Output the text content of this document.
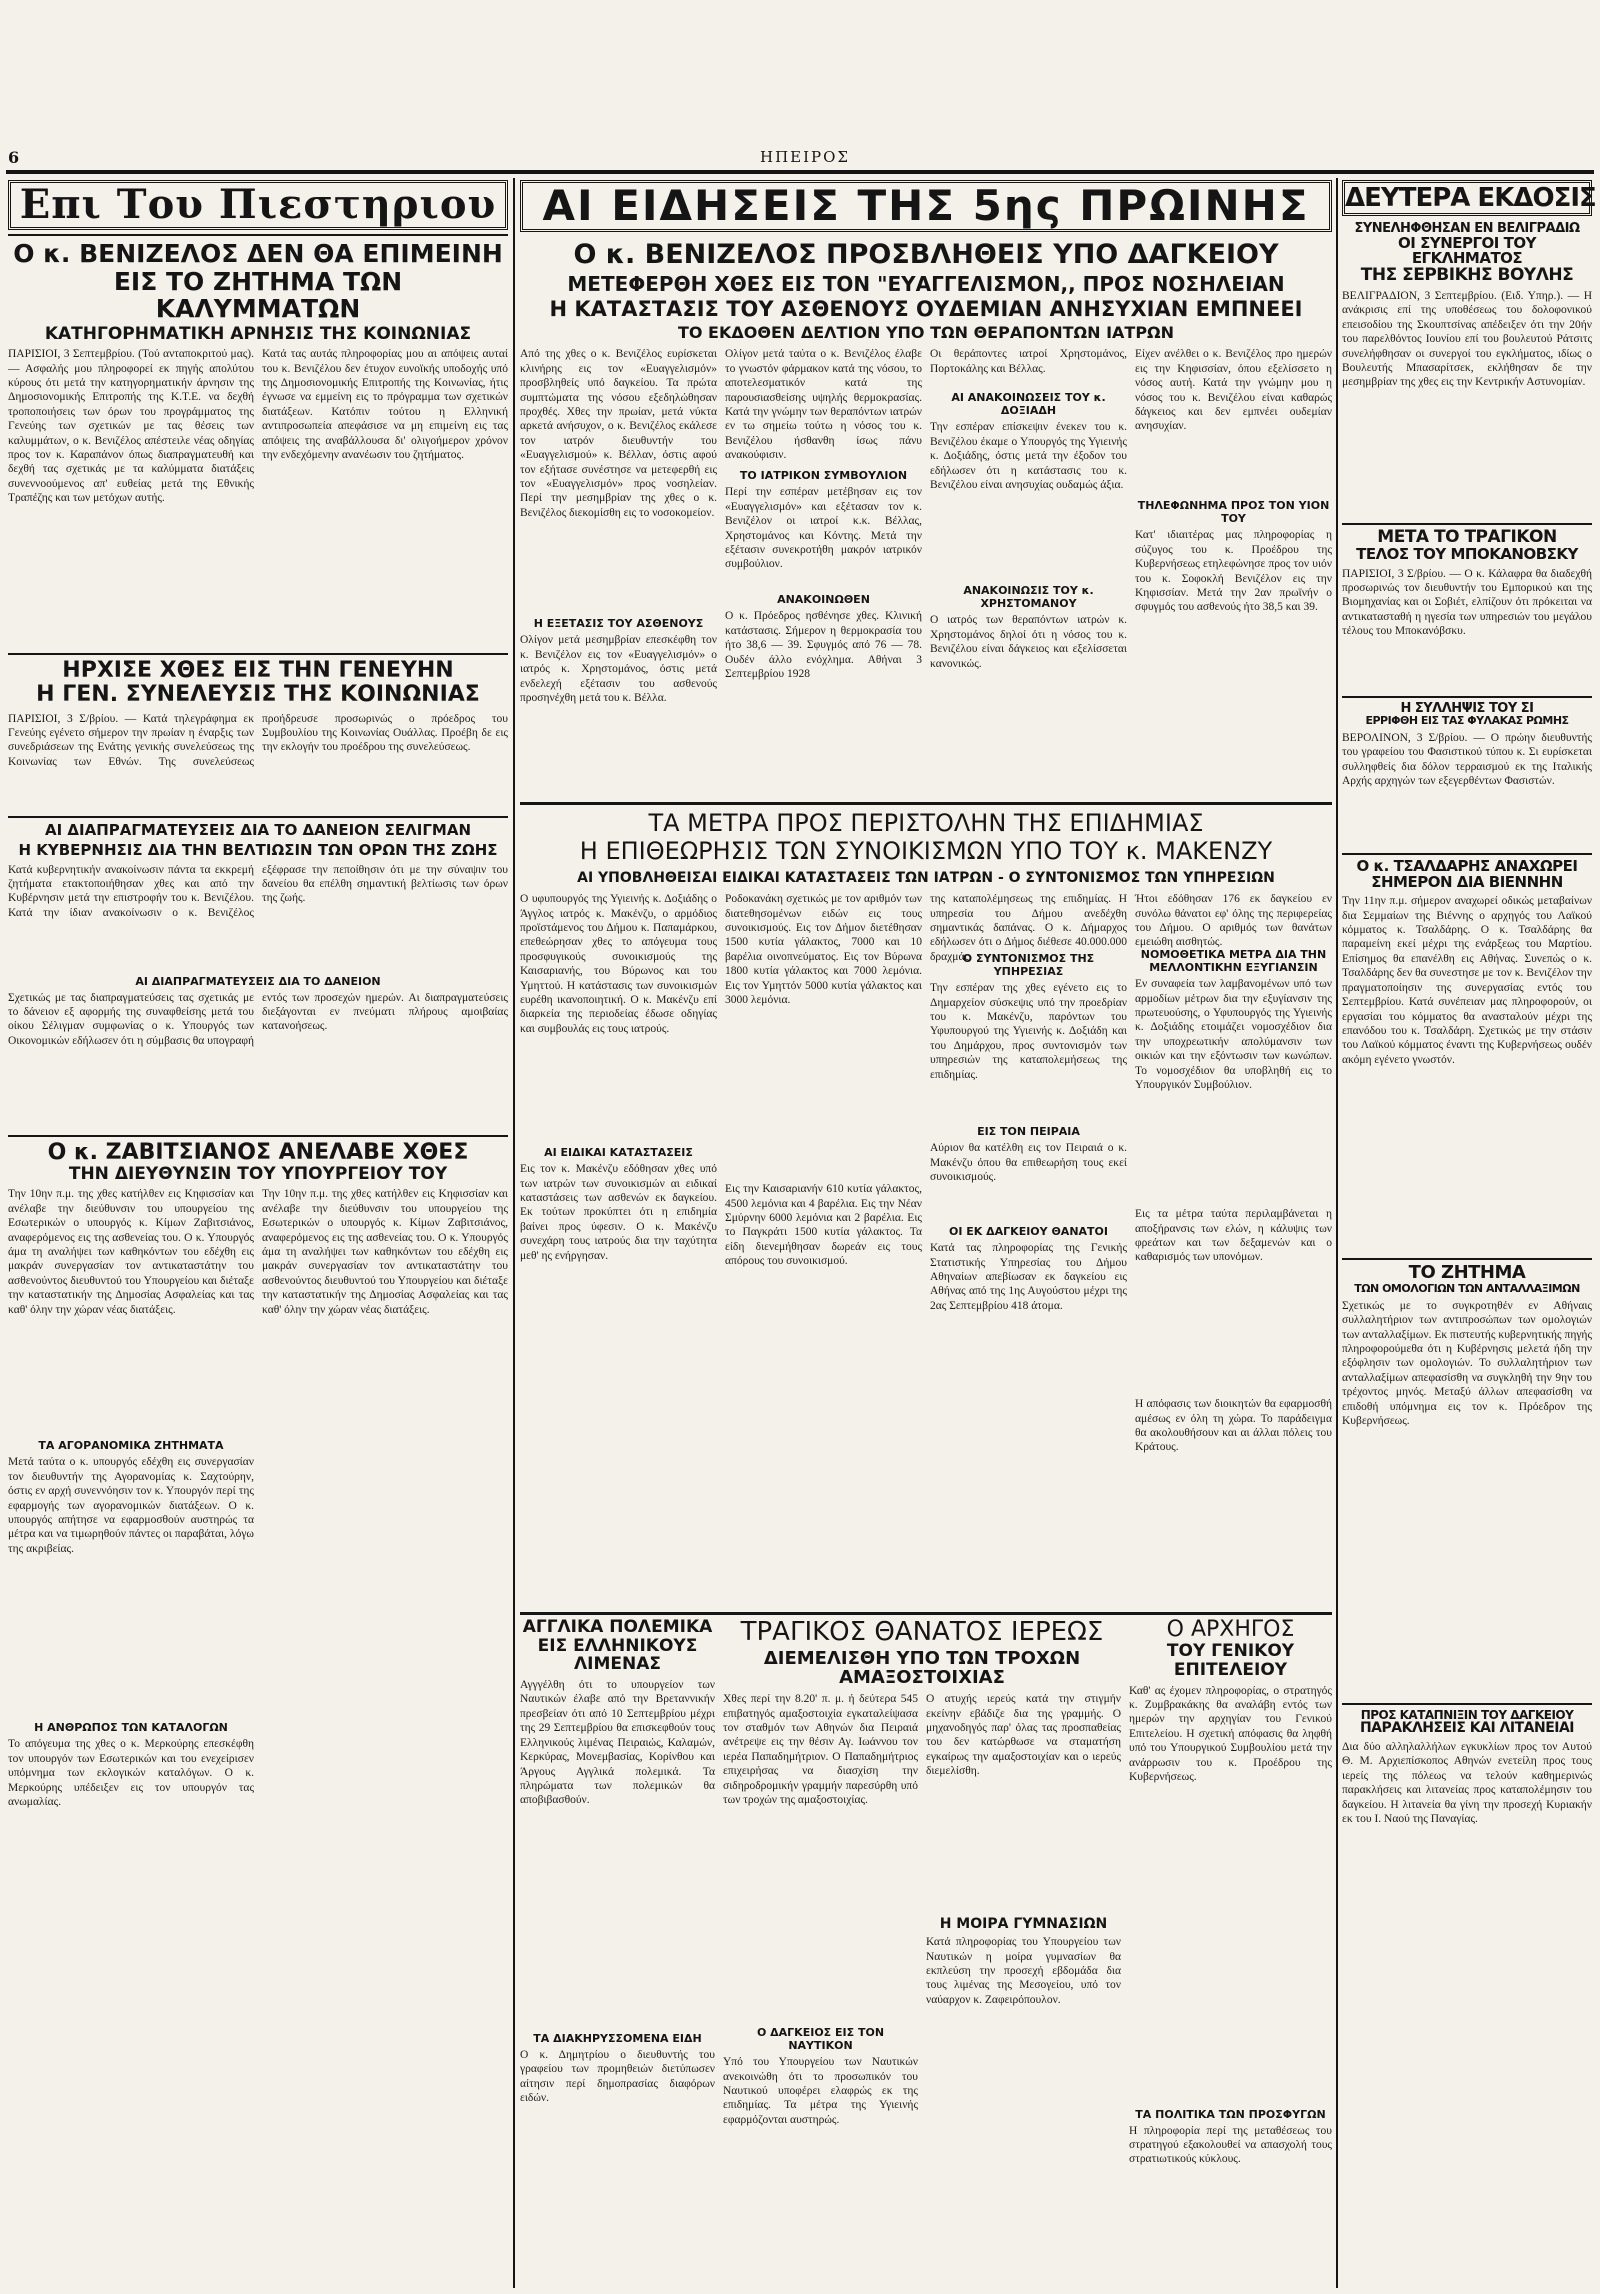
6	ΗΠΕΙΡΟΣ
Επι Του Πιεστηριου
Ο κ. ΒΕΝΙΖΕΛΟΣ ΔΕΝ ΘΑ ΕΠΙΜΕΙΝΗ
ΕΙΣ ΤΟ ΖΗΤΗΜΑ ΤΩΝ ΚΑΛΥΜΜΑΤΩΝ
ΚΑΤΗΓΟΡΗΜΑΤΙΚΗ ΑΡΝΗΣΙΣ ΤΗΣ ΚΟΙΝΩΝΙΑΣ

ΠΑΡΙΣΙΟΙ, 3 Σεπτεμβρίου. (Τού ανταποκριτού μας). — Ασφαλής μου πληροφορεί εκ πηγής απολύτου κύρους ότι μετά την κατηγορηματικήν άρνησιν της Δημοσιονομικής Επιτροπής της Κ.Τ.Ε. να δεχθή τροποποιήσεις των όρων του προγράμματος της Γενεύης των σχετικών με τας θέσεις των καλυμμάτων, ο κ. Βενιζέλος απέστειλε νέας οδηγίας προς τον κ. Καραπάνον όπως διαπραγματευθή και δεχθή τας σχετικάς με τα καλύμματα διατάξεις συνεννοούμενος απ' ευθείας μετά της Εθνικής Τραπέζης και των μετόχων αυτής.

Κατά τας αυτάς πληροφορίας μου αι απόψεις αυταί του κ. Βενιζέλου δεν έτυχον ευνοϊκής υποδοχής υπό της Δημοσιονομικής Επιτροπής της Κοινωνίας, ήτις έγνωσε να εμμείνη εις το πρόγραμμα των σχετικών διατάξεων. Κατόπιν τούτου η Ελληνική αντιπροσωπεία απεφάσισε να μη επιμείνη εις τας απόψεις της αναβάλλουσα δι' ολιγοήμερον χρόνον την ενδεχόμενην ανανέωσιν του ζητήματος.

ΗΡΧΙΣΕ ΧΘΕΣ ΕΙΣ ΤΗΝ ΓΕΝΕΥΗΝ
Η ΓΕΝ. ΣΥΝΕΛΕΥΣΙΣ ΤΗΣ ΚΟΙΝΩΝΙΑΣ

ΠΑΡΙΣΙΟΙ, 3 Σ/βρίου. — Κατά τηλεγράφημα εκ Γενεύης εγένετο σήμερον την πρωίαν η έναρξις των συνεδριάσεων της Ενάτης γενικής συνελεύσεως της Κοινωνίας των Εθνών. Της συνελεύσεως προήδρευσε προσωρινώς ο πρόεδρος του Συμβουλίου της Κοινωνίας Ουάλλας. Προέβη δε εις την εκλογήν του προέδρου της συνελεύσεως.

ΑΙ ΔΙΑΠΡΑΓΜΑΤΕΥΣΕΙΣ ΔΙΑ ΤΟ ΔΑΝΕΙΟΝ ΣΕΛΙΓΜΑΝ
Η ΚΥΒΕΡΝΗΣΙΣ ΔΙΑ ΤΗΝ ΒΕΛΤΙΩΣΙΝ ΤΩΝ ΟΡΩΝ ΤΗΣ ΖΩΗΣ

Κατά κυβερνητικήν ανακοίνωσιν πάντα τα εκκρεμή ζητήματα ετακτοποιήθησαν χθες και από την Κυβέρνησιν μετά την επιστροφήν του κ. Βενιζέλου. Κατά την ίδιαν ανακοίνωσιν ο κ. Βενιζέλος εξέφρασε την πεποίθησιν ότι με την σύναψιν του δανείου θα επέλθη σημαντική βελτίωσις των όρων της ζωής.

ΑΙ ΔΙΑΠΡΑΓΜΑΤΕΥΣΕΙΣ ΔΙΑ ΤΟ ΔΑΝΕΙΟΝ

Σχετικώς με τας διαπραγματεύσεις τας σχετικάς με το δάνειον εξ αφορμής της συναφθείσης μετά του οίκου Σέλιγμαν συμφωνίας ο κ. Υπουργός των Οικονομικών εδήλωσεν ότι η σύμβασις θα υπογραφή εντός των προσεχών ημερών. Αι διαπραγματεύσεις διεξάγονται εν πνεύματι πλήρους αμοιβαίας κατανοήσεως.

Ο κ. ΖΑΒΙΤΣΙΑΝΟΣ ΑΝΕΛΑΒΕ ΧΘΕΣ
ΤΗΝ ΔΙΕΥΘΥΝΣΙΝ ΤΟΥ ΥΠΟΥΡΓΕΙΟΥ ΤΟΥ

Την 10ην π.μ. της χθες κατήλθεν εις Κηφισσίαν και ανέλαβε την διεύθυνσιν του υπουργείου της Εσωτερικών ο υπουργός κ. Κίμων Ζαβιτσιάνος, αναφερόμενος εις της ασθενείας του. Ο κ. Υπουργός άμα τη αναλήψει των καθηκόντων του εδέχθη εις μακράν συνεργασίαν τον αντικαταστάτην του ασθενούντος διευθυντού του Υπουργείου και διέταξε την καταστατικήν της Δημοσίας Ασφαλείας και τας καθ' όλην την χώραν νέας διατάξεις.

ΤΑ ΑΓΟΡΑΝΟΜΙΚΑ ΖΗΤΗΜΑΤΑ

Μετά ταύτα ο κ. υπουργός εδέχθη εις συνεργασίαν τον διευθυντήν της Αγορανομίας κ. Σαχτούρην, όστις εν αρχή συνεννόησιν τον κ. Υπουργόν περί της εφαρμογής των αγορανομικών διατάξεων. Ο κ. υπουργός απήτησε να εφαρμοσθούν αυστηρώς τα μέτρα και να τιμωρηθούν πάντες οι παραβάται, λόγω της ακριβείας.

Η ΑΝΘΡΩΠΟΣ ΤΩΝ ΚΑΤΑΛΟΓΩΝ

Το απόγευμα της χθες ο κ. Μερκούρης επεσκέφθη τον υπουργόν των Εσωτερικών και του ενεχείρισεν υπόμνημα των εκλογικών καταλόγων. Ο κ. Μερκούρης υπέδειξεν εις τον υπουργόν τας ανωμαλίας.

Την 10ην π.μ. της χθες κατήλθεν εις Κηφισσίαν και ανέλαβε την διεύθυνσιν του υπουργείου της Εσωτερικών ο υπουργός κ. Κίμων Ζαβιτσιάνος, αναφερόμενος εις της ασθενείας του. Ο κ. Υπουργός άμα τη αναλήψει των καθηκόντων του εδέχθη εις μακράν συνεργασίαν τον αντικαταστάτην του ασθενούντος διευθυντού του Υπουργείου και διέταξε την καταστατικήν της Δημοσίας Ασφαλείας και τας καθ' όλην την χώραν νέας διατάξεις.

ΑΙ ΕΙΔΗΣΕΙΣ ΤΗΣ 5ης ΠΡΩΙΝΗΣ
Ο κ. ΒΕΝΙΖΕΛΟΣ ΠΡΟΣΒΛΗΘΕΙΣ ΥΠΟ ΔΑΓΚΕΙΟΥ
ΜΕΤΕΦΕΡΘΗ ΧΘΕΣ ΕΙΣ ΤΟΝ "ΕΥΑΓΓΕΛΙΣΜΟΝ,, ΠΡΟΣ ΝΟΣΗΛΕΙΑΝ
Η ΚΑΤΑΣΤΑΣΙΣ ΤΟΥ ΑΣΘΕΝΟΥΣ ΟΥΔΕΜΙΑΝ ΑΝΗΣΥΧΙΑΝ ΕΜΠΝΕΕΙ
ΤΟ ΕΚΔΟΘΕΝ ΔΕΛΤΙΟΝ ΥΠΟ ΤΩΝ ΘΕΡΑΠΟΝΤΩΝ ΙΑΤΡΩΝ

Από της χθες ο κ. Βενιζέλος ευρίσκεται κλινήρης εις τον «Ευαγγελισμόν» προσβληθείς υπό δαγκείου. Τα πρώτα συμπτώματα της νόσου εξεδηλώθησαν προχθές. Χθες την πρωίαν, μετά νύκτα αρκετά ανήσυχον, ο κ. Βενιζέλος εκάλεσε τον ιατρόν διευθυντήν του «Ευαγγελισμού» κ. Βέλλαν, όστις αφού τον εξήτασε συνέστησε να μετεφερθή εις τον «Ευαγγελισμόν» προς νοσηλείαν. Περί την μεσημβρίαν της χθες ο κ. Βενιζέλος διεκομίσθη εις το νοσοκομείον.

Η ΕΞΕΤΑΣΙΣ ΤΟΥ ΑΣΘΕΝΟΥΣ

Ολίγον μετά μεσημβρίαν επεσκέφθη τον κ. Βενιζέλον εις τον «Ευαγγελισμόν» ο ιατρός κ. Χρηστομάνος, όστις μετά ενδελεχή εξέτασιν του ασθενούς προσηνέχθη μετά του κ. Βέλλα.

Ολίγον μετά ταύτα ο κ. Βενιζέλος έλαβε το γνωστόν φάρμακον κατά της νόσου, το αποτελεσματικόν κατά της παρουσιασθείσης υψηλής θερμοκρασίας. Κατά την γνώμην των θεραπόντων ιατρών εν τω σημείω τούτω η νόσος του κ. Βενιζέλου ήσθανθη ίσως πάνυ ανακούφισιν.

ΤΟ ΙΑΤΡΙΚΟΝ ΣΥΜΒΟΥΛΙΟΝ

Περί την εσπέραν μετέβησαν εις τον «Ευαγγελισμόν» και εξέτασαν τον κ. Βενιζέλον οι ιατροί κ.κ. Βέλλας, Χρηστομάνος και Κόντης. Μετά την εξέτασιν συνεκροτήθη μακρόν ιατρικόν συμβούλιον.

ΑΝΑΚΟΙΝΩΘΕΝ

Ο κ. Πρόεδρος ησθένησε χθες. Κλινική κατάστασις. Σήμερον η θερμοκρασία του ήτο 38,6 — 39. Σφυγμός από 76 — 78. Ουδέν άλλο ενόχλημα. Αθήναι 3 Σεπτεμβρίου 1928

Οι θεράποντες ιατροί Χρηστομάνος, Πορτοκάλης και Βέλλας.

ΑΙ ΑΝΑΚΟΙΝΩΣΕΙΣ ΤΟΥ κ. ΔΟΞΙΑΔΗ

Την εσπέραν επίσκεψιν ένεκεν του κ. Βενιζέλου έκαμε ο Υπουργός της Υγιεινής κ. Δοξιάδης, όστις μετά την έξοδον του εδήλωσεν ότι η κατάστασις του κ. Βενιζέλου είναι ανησυχίας ουδαμώς άξια.

ΑΝΑΚΟΙΝΩΣΙΣ ΤΟΥ κ. ΧΡΗΣΤΟΜΑΝΟΥ

Ο ιατρός των θεραπόντων ιατρών κ. Χρηστομάνος δηλοί ότι η νόσος του κ. Βενιζέλου είναι δάγκειος και εξελίσσεται κανονικώς.

Είχεν ανέλθει ο κ. Βενιζέλος προ ημερών εις την Κηφισσίαν, όπου εξελίσσετο η νόσος αυτή. Κατά την γνώμην μου η νόσος του κ. Βενιζέλου είναι καθαρώς δάγκειος και δεν εμπνέει ουδεμίαν ανησυχίαν.

ΤΗΛΕΦΩΝΗΜΑ ΠΡΟΣ ΤΟΝ ΥΙΟΝ ΤΟΥ

Κατ' ιδιαιτέρας μας πληροφορίας η σύζυγος του κ. Προέδρου της Κυβερνήσεως ετηλεφώνησε προς τον υιόν του κ. Σοφοκλή Βενιζέλον εις την Κηφισσίαν. Μετά την 2αν πρωϊνήν ο σφυγμός του ασθενούς ήτο 38,5 και 39.

ΤΑ ΜΕΤΡΑ ΠΡΟΣ ΠΕΡΙΣΤΟΛΗΝ ΤΗΣ ΕΠΙΔΗΜΙΑΣ
Η ΕΠΙΘΕΩΡΗΣΙΣ ΤΩΝ ΣΥΝΟΙΚΙΣΜΩΝ ΥΠΟ ΤΟΥ κ. ΜΑΚΕΝΖΥ
ΑΙ ΥΠΟΒΛΗΘΕΙΣΑΙ ΕΙΔΙΚΑΙ ΚΑΤΑΣΤΑΣΕΙΣ ΤΩΝ ΙΑΤΡΩΝ - Ο ΣΥΝΤΟΝΙΣΜΟΣ ΤΩΝ ΥΠΗΡΕΣΙΩΝ

Ο υφυπουργός της Υγιεινής κ. Δοξιάδης ο Άγγλος ιατρός κ. Μακένζυ, ο αρμόδιος προϊστάμενος του Δήμου κ. Παπαμάρκου, επεθεώρησαν χθες το απόγευμα τους προσφυγικούς συνοικισμούς της Καισαριανής, του Βύρωνος και του Υμηττού. Η κατάστασις των συνοικισμών ευρέθη ικανοποιητική. Ο κ. Μακένζυ επί διαρκεία της περιοδείας έδωσε οδηγίας και συμβουλάς εις τους ιατρούς.

ΑΙ ΕΙΔΙΚΑΙ ΚΑΤΑΣΤΑΣΕΙΣ

Εις τον κ. Μακένζυ εδόθησαν χθες υπό των ιατρών των συνοικισμών αι ειδικαί καταστάσεις των ασθενών εκ δαγκείου. Εκ τούτων προκύπτει ότι η επιδημία βαίνει προς ύφεσιν. Ο κ. Μακένζυ συνεχάρη τους ιατρούς δια την ταχύτητα μεθ' ης ενήργησαν.

Ροδοκανάκη σχετικώς με τον αριθμόν των διατεθησομένων ειδών εις τους συνοικισμούς. Εις τον Δήμον διετέθησαν 1500 κυτία γάλακτος, 7000 και 10 βαρέλια οινοπνεύματος. Εις τον Βύρωνα 1800 κυτία γάλακτος και 7000 λεμόνια. Εις τον Υμηττόν 5000 κυτία γάλακτος και 3000 λεμόνια.

Εις την Καισαριανήν 610 κυτία γάλακτος, 4500 λεμόνια και 4 βαρέλια. Εις την Νέαν Σμύρνην 6000 λεμόνια και 2 βαρέλια. Εις το Παγκράτι 1500 κυτία γάλακτος. Τα είδη διενεμήθησαν δωρεάν εις τους απόρους του συνοικισμού.

της καταπολέμησεως της επιδημίας. Η υπηρεσία του Δήμου ανεδέχθη σημαντικάς δαπάνας. Ο κ. Δήμαρχος εδήλωσεν ότι ο Δήμος διέθεσε 40.000.000 δραχμάς.

Ο ΣΥΝΤΟΝΙΣΜΟΣ ΤΗΣ ΥΠΗΡΕΣΙΑΣ

Την εσπέραν της χθες εγένετο εις το Δημαρχείον σύσκεψις υπό την προεδρίαν του κ. Μακένζυ, παρόντων του Υφυπουργού της Υγιεινής κ. Δοξιάδη και του Δημάρχου, προς συντονισμόν των υπηρεσιών της καταπολεμήσεως της επιδημίας.

ΕΙΣ ΤΟΝ ΠΕΙΡΑΙΑ

Αύριον θα κατέλθη εις τον Πειραιά ο κ. Μακένζυ όπου θα επιθεωρήση τους εκεί συνοικισμούς.

ΟΙ ΕΚ ΔΑΓΚΕΙΟΥ ΘΑΝΑΤΟΙ

Κατά τας πληροφορίας της Γενικής Στατιστικής Υπηρεσίας του Δήμου Αθηναίων απεβίωσαν εκ δαγκείου εις Αθήνας από της 1ης Αυγούστου μέχρι της 2ας Σεπτεμβρίου 418 άτομα.

Ήτοι εδόθησαν 176 εκ δαγκείου εν συνόλω θάνατοι εφ' όλης της περιφερείας του Δήμου. Ο αριθμός των θανάτων εμειώθη αισθητώς.

ΝΟΜΟΘΕΤΙΚΑ ΜΕΤΡΑ ΔΙΑ ΤΗΝ ΜΕΛΛΟΝΤΙΚΗΝ ΕΞΥΓΙΑΝΣΙΝ

Εν συναφεία των λαμβανομένων υπό των αρμοδίων μέτρων δια την εξυγίανσιν της πρωτευούσης, ο Υφυπουργός της Υγιεινής κ. Δοξιάδης ετοιμάζει νομοσχέδιον δια την υποχρεωτικήν απολύμανσιν των οικιών και την εξόντωσιν των κωνώπων. Το νομοσχέδιον θα υποβληθή εις το Υπουργικόν Συμβούλιον.

Εις τα μέτρα ταύτα περιλαμβάνεται η αποξήρανσις των ελών, η κάλυψις των φρεάτων και των δεξαμενών και ο καθαρισμός των υπονόμων.

Η απόφασις των διοικητών θα εφαρμοσθή αμέσως εν όλη τη χώρα. Το παράδειγμα θα ακολουθήσουν και αι άλλαι πόλεις του Κράτους.

ΑΓΓΛΙΚΑ ΠΟΛΕΜΙΚΑ
ΕΙΣ ΕΛΛΗΝΙΚΟΥΣ ΛΙΜΕΝΑΣ

Αγγγέλθη ότι το υπουργείον των Ναυτικών έλαβε από την Βρεταννικήν πρεσβείαν ότι από 10 Σεπτεμβρίου μέχρι της 29 Σεπτεμβρίου θα επισκεφθούν τους Ελληνικούς λιμένας Πειραιώς, Καλαμών, Κερκύρας, Μονεμβασίας, Κορίνθου και Άργους Αγγλικά πολεμικά. Τα πληρώματα των πολεμικών θα αποβιβασθούν.

ΤΑ ΔΙΑΚΗΡΥΣΣΟΜΕΝΑ ΕΙΔΗ

Ο κ. Δημητρίου ο διευθυντής του γραφείου των προμηθειών διετύπωσεν αίτησιν περί δημοπρασίας διαφόρων ειδών.

ΤΡΑΓΙΚΟΣ ΘΑΝΑΤΟΣ ΙΕΡΕΩΣ
ΔΙΕΜΕΛΙΣΘΗ ΥΠΟ ΤΩΝ ΤΡΟΧΩΝ ΑΜΑΞΟΣΤΟΙΧΙΑΣ

Χθες περί την 8.20' π. μ. ή δεύτερα 545 επιβατηγός αμαξοστοιχία εγκαταλείψασα τον σταθμόν των Αθηνών δια Πειραιά ανέτρεψε εις την θέσιν Αγ. Ιωάννου τον ιερέα Παπαδημήτριον. Ο Παπαδημήτριος επιχειρήσας να διασχίση την σιδηροδρομικήν γραμμήν παρεσύρθη υπό των τροχών της αμαξοστοιχίας.

Ο ΔΑΓΚΕΙΟΣ ΕΙΣ ΤΟΝ ΝΑΥΤΙΚΟΝ

Υπό του Υπουργείου των Ναυτικών ανεκοινώθη ότι το προσωπικόν του Ναυτικού υποφέρει ελαφρώς εκ της επιδημίας. Τα μέτρα της Υγιεινής εφαρμόζονται αυστηρώς.

Ο ατυχής ιερεύς κατά την στιγμήν εκείνην εβάδιζε δια της γραμμής. Ο μηχανοδηγός παρ' όλας τας προσπαθείας του δεν κατώρθωσε να σταματήση εγκαίρως την αμαξοστοιχίαν και ο ιερεύς διεμελίσθη.

Η ΜΟΙΡΑ ΓΥΜΝΑΣΙΩΝ

Κατά πληροφορίας του Υπουργείου των Ναυτικών η μοίρα γυμνασίων θα εκπλεύση την προσεχή εβδομάδα δια τους λιμένας της Μεσογείου, υπό τον ναύαρχον κ. Ζαφειρόπουλον.

Ο ΑΡΧΗΓΟΣ
ΤΟΥ ΓΕΝΙΚΟΥ ΕΠΙΤΕΛΕΙΟΥ

Καθ' ας έχομεν πληροφορίας, ο στρατηγός κ. Ζυμβρακάκης θα αναλάβη εντός των ημερών την αρχηγίαν του Γενικού Επιτελείου. Η σχετική απόφασις θα ληφθή υπό του Υπουργικού Συμβουλίου μετά την ανάρρωσιν του κ. Προέδρου της Κυβερνήσεως.

ΤΑ ΠΟΛΙΤΙΚΑ ΤΩΝ ΠΡΟΣΦΥΓΩΝ

Η πληροφορία περί της μεταθέσεως του στρατηγού εξακολουθεί να απασχολή τους στρατιωτικούς κύκλους.

ΔΕΥΤΕΡΑ ΕΚΔΟΣΙΣ
ΣΥΝΕΛΗΦΘΗΣΑΝ ΕΝ ΒΕΛΙΓΡΑΔΙΩ
ΟΙ ΣΥΝΕΡΓΟΙ ΤΟΥ ΕΓΚΛΗΜΑΤΟΣ
ΤΗΣ ΣΕΡΒΙΚΗΣ ΒΟΥΛΗΣ

ΒΕΛΙΓΡΑΔΙΟΝ, 3 Σεπτεμβρίου. (Ειδ. Υπηρ.). — Η ανάκρισις επί της υποθέσεως του δολοφονικού επεισοδίου της Σκουπτσίνας απέδειξεν ότι την 20ήν του παρελθόντος Ιουνίου επί του βουλευτού Ράτσιτς συνελήφθησαν οι συνεργοί του εγκλήματος, ιδίως ο Βουλευτής Μπασαρίτσεκ, εκλήθησαν δε την μεσημβρίαν της χθες εις την Κεντρικήν Αστυνομίαν.

ΜΕΤΑ ΤΟ ΤΡΑΓΙΚΟΝ
ΤΕΛΟΣ ΤΟΥ ΜΠΟΚΑΝΟΒΣΚΥ

ΠΑΡΙΣΙΟΙ, 3 Σ/βρίου. — Ο κ. Κάλαφρα θα διαδεχθή προσωρινώς τον διευθυντήν του Εμπορικού και της Βιομηχανίας και οι Σοβιέτ, ελπίζουν ότι πρόκειται να αντικατασταθή η ηγεσία των υπηρεσιών του μεγάλου τέλους του Μποκανόβσκυ.

Η ΣΥΛΛΗΨΙΣ ΤΟΥ ΣΙ
ΕΡΡΙΦΘΗ ΕΙΣ ΤΑΣ ΦΥΛΑΚΑΣ ΡΩΜΗΣ

ΒΕΡΟΛΙΝΟΝ, 3 Σ/βρίου. — Ο πρώην διευθυντής του γραφείου του Φασιστικού τύπου κ. Σι ευρίσκεται συλληφθείς δια δόλον τερραισμού εκ της Ιταλικής Αρχής αρχηγών των εξεγερθέντων Φασιστών.

Ο κ. ΤΣΑΛΔΑΡΗΣ ΑΝΑΧΩΡΕΙ
ΣΗΜΕΡΟΝ ΔΙΑ ΒΙΕΝΝΗΝ

Την 11ην π.μ. σήμερον αναχωρεί οδικώς μεταβαίνων δια Σεμμαίων της Βιέννης ο αρχηγός του Λαϊκού κόμματος κ. Τσαλδάρης. Ο κ. Τσαλδάρης θα παραμείνη εκεί μέχρι της ενάρξεως του Μαρτίου. Επίσημος θα επανέλθη εις Αθήνας. Συνεπώς ο κ. Τσαλδάρης δεν θα συνεστησε με τον κ. Βενιζέλον την πραγματοποίησιν της συνεργασίας εντός του Σεπτεμβρίου. Κατά συνέπειαν μας πληροφορούν, οι εργασίαι του κόμματος θα ανασταλούν μέχρι της επανόδου του κ. Τσαλδάρη. Σχετικώς με την στάσιν του Λαϊκού κόμματος έναντι της Κυβερνήσεως ουδέν ακόμη εγένετο γνωστόν.

ΤΟ ΖΗΤΗΜΑ
ΤΩΝ ΟΜΟΛΟΓΙΩΝ ΤΩΝ ΑΝΤΑΛΛΑΞΙΜΩΝ

Σχετικώς με το συγκροτηθέν εν Αθήναις συλλαλητήριον των αντιπροσώπων των ομολογιών των ανταλλαξίμων. Εκ πιστευτής κυβερνητικής πηγής πληροφορούμεθα ότι η Κυβέρνησις μελετά ήδη την εξόφλησιν των ομολογιών. Το συλλαλητήριον των ανταλλαξίμων απεφασίσθη να συγκληθή την 9ην του τρέχοντος μηνός. Μεταξύ άλλων απεφασίσθη να επιδοθή υπόμνημα εις τον κ. Πρόεδρον της Κυβερνήσεως.

ΠΡΟΣ ΚΑΤΑΠΝΙΞΙΝ ΤΟΥ ΔΑΓΚΕΙΟΥ
ΠΑΡΑΚΛΗΣΕΙΣ ΚΑΙ ΛΙΤΑΝΕΙΑΙ

Δια δύο αλληλαλλήλων εγκυκλίων προς τον Αυτού Θ. Μ. Αρχιεπίσκοπος Αθηνών ενετείλη προς τους ιερείς της πόλεως να τελούν καθημερινώς παρακλήσεις και λιτανείας προς καταπολέμησιν του δαγκείου. Η λιτανεία θα γίνη την προσεχή Κυριακήν εκ του Ι. Ναού της Παναγίας.
